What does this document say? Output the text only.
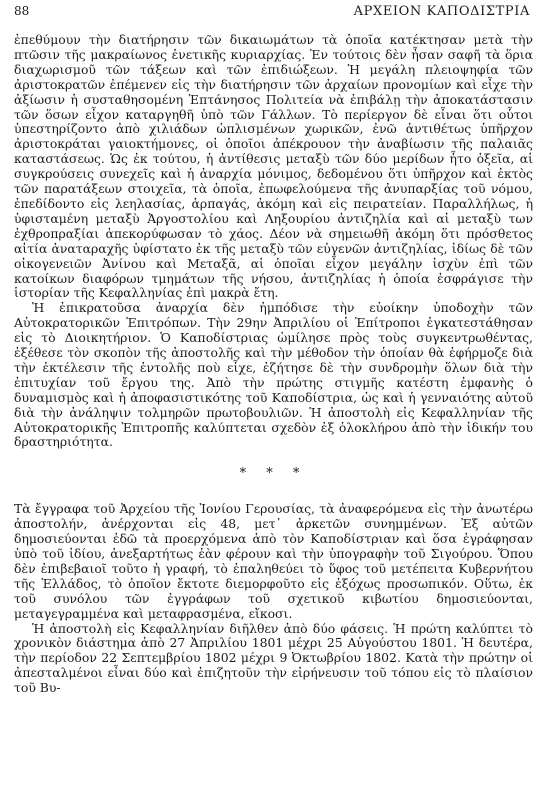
88	ΑΡΧΕΙΟΝ ΚΑΠΟΔΙΣΤΡΙΑ

ἐπεθύμουν τὴν διατήρησιν τῶν δικαιωμάτων τὰ ὁποῖα κατέκτησαν μετὰ τὴν πτῶσιν τῆς μακραίωνος ἐνετικῆς κυριαρχίας. Ἐν τούτοις δὲν ἦσαν σαφῆ τὰ ὅρια διαχωρισμοῦ τῶν τάξεων καὶ τῶν ἐπιδιώξεων. Ἡ μεγάλη πλειοψηφία τῶν ἀριστοκρατῶν ἐπέμενεν εἰς τὴν διατήρησιν τῶν ἀρχαίων προνομίων καὶ εἶχε τὴν ἀξίωσιν ἡ συσταθησομένη Ἑπτάνησος Πολιτεία νὰ ἐπιβάλῃ τὴν ἀποκατάστασιν τῶν ὅσων εἶχον καταργηθῆ ὑπὸ τῶν Γάλλων. Τὸ περίεργον δὲ εἶναι ὅτι οὗτοι ὑπεστηρίζοντο ἀπὸ χιλιάδων ὡπλισμένων χωρικῶν, ἐνῶ ἀντιθέτως ὑπῆρχον ἀριστοκράται γαιοκτήμονες, οἱ ὁποῖοι ἀπέκρουον τὴν ἀναβίωσιν τῆς παλαιᾶς καταστάσεως. Ὡς ἐκ τούτου, ἡ ἀντίθεσις μεταξὺ τῶν δύο μερίδων ἦτο ὀξεῖα, αἱ συγκρούσεις συνεχεῖς καὶ ἡ ἀναρχία μόνιμος, δεδομένου ὅτι ὑπῆρχον καὶ ἐκτὸς τῶν παρατάξεων στοιχεῖα, τὰ ὁποῖα, ἐπωφελούμενα τῆς ἀνυπαρξίας τοῦ νόμου, ἐπεδίδοντο εἰς λεηλασίας, ἁρπαγάς, ἀκόμη καὶ εἰς πειρατείαν. Παραλλήλως, ἡ ὑφισταμένη μεταξὺ Ἀργοστολίου καὶ Ληξουρίου ἀντιζηλία καὶ αἱ μεταξὺ των ἐχθροπραξίαι ἀπεκορύφωσαν τὸ χάος. Δέον νὰ σημειωθῆ ἀκόμη ὅτι πρόσθετος αἰτία ἀναταραχῆς ὑφίστατο ἐκ τῆς μεταξὺ τῶν εὐγενῶν ἀντιζηλίας, ἰδίως δὲ τῶν οἰκογενειῶν Ἀνίνου καὶ Μεταξᾶ, αἱ ὁποῖαι εἶχον μεγάλην ἰσχὺν ἐπὶ τῶν κατοίκων διαφόρων τμημάτων τῆς νήσου, ἀντιζηλίας ἡ ὁποία ἐσφράγισε τὴν ἱστορίαν τῆς Κεφαλληνίας ἐπὶ μακρὰ ἔτη.

Ἡ ἐπικρατοῦσα ἀναρχία δὲν ἠμπόδισε τὴν εὐοίκην ὑποδοχὴν τῶν Αὐτοκρατορικῶν Ἐπιτρόπων. Τὴν 29ην Ἀπριλίου οἱ Ἐπίτροποι ἐγκατεστάθησαν εἰς τὸ Διοικητήριον. Ὁ Καποδίστριας ὡμίλησε πρὸς τοὺς συγκεντρωθέντας, ἐξέθεσε τὸν σκοπὸν τῆς ἀποστολῆς καὶ τὴν μέθοδον τὴν ὁποίαν θὰ ἐφήρμοζε διὰ τὴν ἐκτέλεσιν τῆς ἐντολῆς ποὺ εἶχε, ἐζήτησε δὲ τὴν συνδρομὴν ὅλων διὰ τὴν ἐπιτυχίαν τοῦ ἔργου της. Ἀπὸ τὴν πρώτης στιγμῆς κατέστη ἐμφανὴς ὁ δυναμισμὸς καὶ ἡ ἀποφασιστικότης τοῦ Καποδίστρια, ὡς καὶ ἡ γενναιότης αὐτοῦ διὰ τὴν ἀνάληψιν τολμηρῶν πρωτοβουλιῶν. Ἡ ἀποστολὴ εἰς Κεφαλληνίαν τῆς Αὐτοκρατορικῆς Ἐπιτροπῆς καλύπτεται σχεδὸν ἐξ ὁλοκλήρου ἀπὸ τὴν ἰδικήν του δραστηριότητα.

* * *

Τὰ ἔγγραφα τοῦ Ἀρχείου τῆς Ἰονίου Γερουσίας, τὰ ἀναφερόμενα εἰς τὴν ἀνωτέρω ἀποστολήν, ἀνέρχονται εἰς 48, μετ᾽ ἀρκετῶν συνημμένων. Ἐξ αὐτῶν δημοσιεύονται ἐδῶ τὰ προερχόμενα ἀπὸ τὸν Καποδίστριαν καὶ ὅσα ἐγράφησαν ὑπὸ τοῦ ἰδίου, ἀνεξαρτήτως ἐὰν φέρουν καὶ τὴν ὑπογραφὴν τοῦ Σιγούρου. Ὅπου δὲν ἐπιβεβαιοῖ τοῦτο ἡ γραφή, τὸ ἐπαληθεύει τὸ ὕφος τοῦ μετέπειτα Κυβερνήτου τῆς Ἑλλάδος, τὸ ὁποῖον ἔκτοτε διεμορφοῦτο εἰς ἐξόχως προσωπικόν. Οὕτω, ἐκ τοῦ συνόλου τῶν ἐγγράφων τοῦ σχετικοῦ κιβωτίου δημοσιεύονται, μεταγεγραμμένα καὶ μεταφρασμένα, εἴκοσι.

Ἡ ἀποστολὴ εἰς Κεφαλληνίαν διῆλθεν ἀπὸ δύο φάσεις. Ἡ πρώτη καλύπτει τὸ χρονικὸν διάστημα ἀπὸ 27 Ἀπριλίου 1801 μέχρι 25 Αὐγούστου 1801. Ἡ δευτέρα, τὴν περίοδον 22 Σεπτεμβρίου 1802 μέχρι 9 Ὀκτωβρίου 1802. Κατὰ τὴν πρώτην οἱ ἀπεσταλμένοι εἶναι δύο καὶ ἐπιζητοῦν τὴν εἰρήνευσιν τοῦ τόπου εἰς τὸ πλαίσιον τοῦ Βυ-
